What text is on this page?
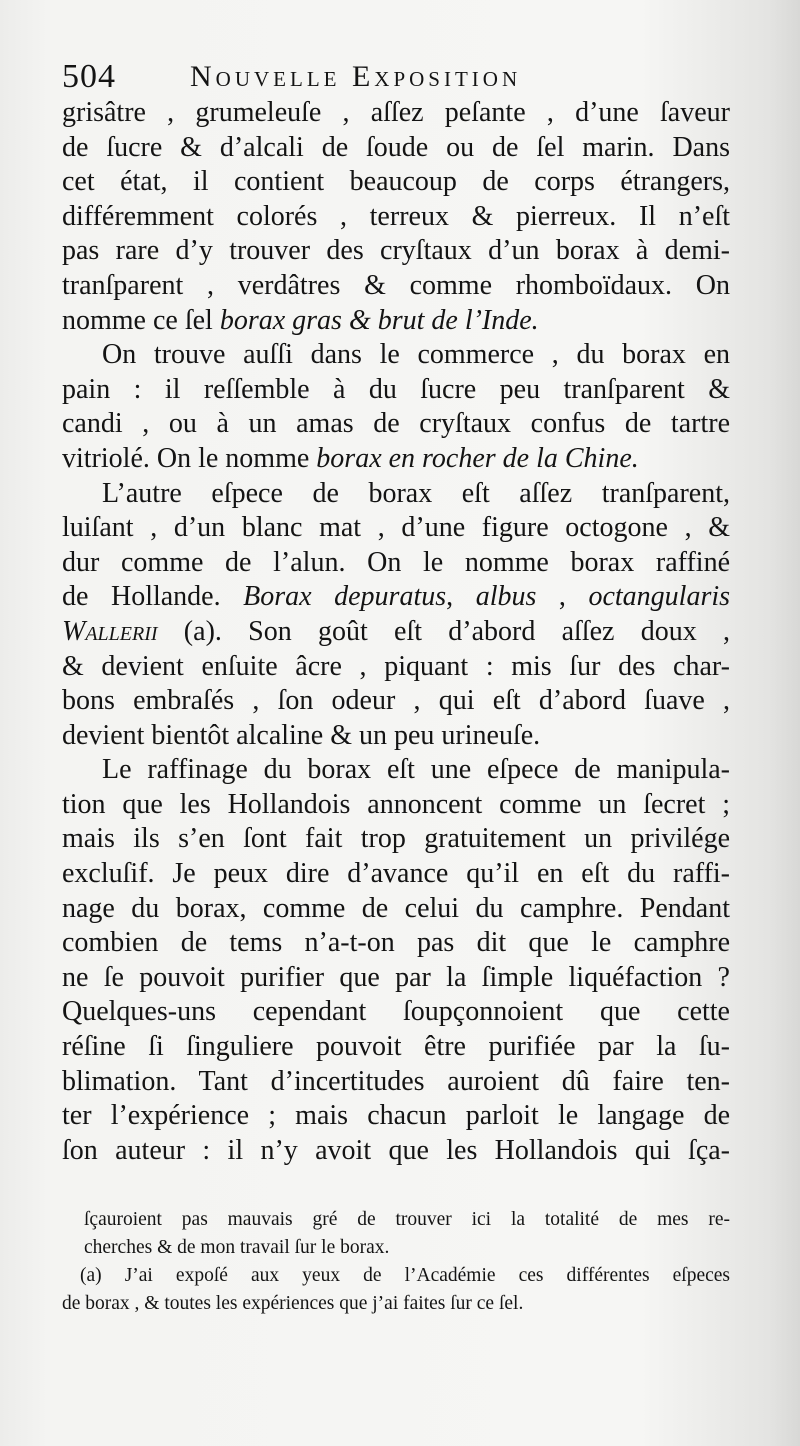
504 Nouvelle Exposition
grisâtre , grumeleuſe , aſſez peſante , d’une ſaveur
de ſucre & d’alcali de ſoude ou de ſel marin. Dans
cet état, il contient beaucoup de corps étrangers,
différemment colorés , terreux & pierreux. Il n’eſt
pas rare d’y trouver des cryſtaux d’un borax à demi-
tranſparent , verdâtres & comme rhomboïdaux. On
nomme ce ſel borax gras & brut de l’Inde.
On trouve auſſi dans le commerce , du borax en
pain : il reſſemble à du ſucre peu tranſparent &
candi , ou à un amas de cryſtaux confus de tartre
vitriolé. On le nomme borax en rocher de la Chine.
L’autre eſpece de borax eſt aſſez tranſparent,
luiſant , d’un blanc mat , d’une figure octogone , &
dur comme de l’alun. On le nomme borax raffiné
de Hollande. Borax depuratus, albus , octangularis
Wallerii (a). Son goût eſt d’abord aſſez doux ,
& devient enſuite âcre , piquant : mis ſur des char-
bons embraſés , ſon odeur , qui eſt d’abord ſuave ,
devient bientôt alcaline & un peu urineuſe.
Le raffinage du borax eſt une eſpece de manipula-
tion que les Hollandois annoncent comme un ſecret ;
mais ils s’en ſont fait trop gratuitement un privilége
excluſif. Je peux dire d’avance qu’il en eſt du raffi-
nage du borax, comme de celui du camphre. Pendant
combien de tems n’a-t-on pas dit que le camphre
ne ſe pouvoit purifier que par la ſimple liquéfaction ?
Quelques-uns cependant ſoupçonnoient que cette
réſine ſi ſinguliere pouvoit être purifiée par la ſu-
blimation. Tant d’incertitudes auroient dû faire ten-
ter l’expérience ; mais chacun parloit le langage de
ſon auteur : il n’y avoit que les Hollandois qui ſça-
ſçauroient pas mauvais gré de trouver ici la totalité de mes re-
cherches & de mon travail ſur le borax.
(a) J’ai expoſé aux yeux de l’Académie ces différentes eſpeces
de borax , & toutes les expériences que j’ai faites ſur ce ſel.
